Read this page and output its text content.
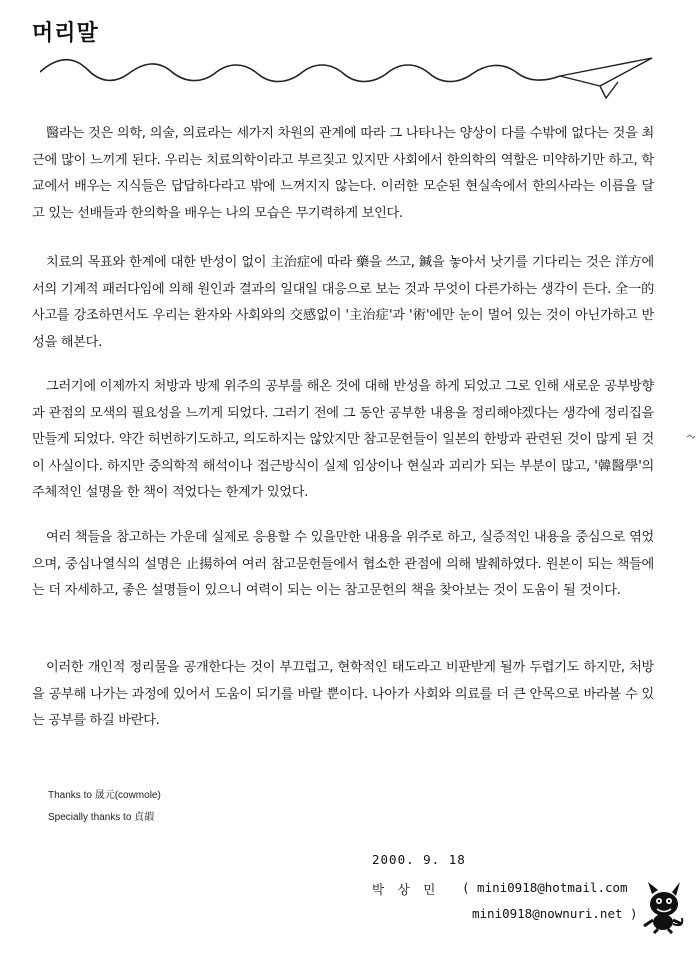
머리말
醫라는 것은 의학, 의술, 의료라는 세가지 차원의 관계에 따라 그 나타나는 양상이 다를 수밖에 없다는 것을 최근에 많이 느끼게 된다. 우리는 치료의학이라고 부르짖고 있지만 사회에서 한의학의 역할은 미약하기만 하고, 학교에서 배우는 지식들은 답답하다라고 밖에 느껴지지 않는다. 이러한 모순된 현실속에서 한의사라는 이름을 달고 있는 선배들과 한의학을 배우는 나의 모습은 무기력하게 보인다.
치료의 목표와 한계에 대한 반성이 없이 主治症에 따라 藥을 쓰고, 鍼을 놓아서 낫기를 기다리는 것은 洋方에서의 기계적 패러다임에 의해 원인과 결과의 일대일 대응으로 보는 것과 무엇이 다른가하는 생각이 든다. 全一的 사고를 강조하면서도 우리는 환자와 사회와의 交感없이 '主治症'과 '術'에만 눈이 멀어 있는 것이 아닌가하고 반성을 해본다.
그러기에 이제까지 처방과 방제 위주의 공부를 해온 것에 대해 반성을 하게 되었고 그로 인해 새로운 공부방향과 관점의 모색의 필요성을 느끼게 되었다. 그러기 전에 그 동안 공부한 내용을 정리해야겠다는 생각에 정리집을 만들게 되었다. 약간 허번하기도하고, 의도하지는 않았지만 참고문헌들이 일본의 한방과 관련된 것이 많게 된 것이 사실이다. 하지만 중의학적 해석이나 접근방식이 실제 임상이나 현실과 괴리가 되는 부분이 많고, '韓醫學'의 주체적인 설명을 한 책이 적었다는 한계가 있었다.
여러 책들을 참고하는 가운데 실제로 응용할 수 있을만한 내용을 위주로 하고, 실증적인 내용을 중심으로 엮었으며, 중심나열식의 설명은 止揚하여 여러 참고문헌들에서 협소한 관점에 의해 발췌하였다. 원본이 되는 책들에는 더 자세하고, 좋은 설명들이 있으니 여력이 되는 이는 참고문헌의 책을 찾아보는 것이 도움이 될 것이다.
이러한 개인적 정리물을 공개한다는 것이 부끄럽고, 현학적인 태도라고 비판받게 될까 두렵기도 하지만, 처방을 공부해 나가는 과정에 있어서 도움이 되기를 바랄 뿐이다. 나아가 사회와 의료를 더 큰 안목으로 바라볼 수 있는 공부를 하길 바란다.
Thanks to 晟元(cowmole)
Specially thanks to 貞嘏
2000. 9. 18
박 상 민 ( mini0918@hotmail.com
mini0918@nownuri.net )
